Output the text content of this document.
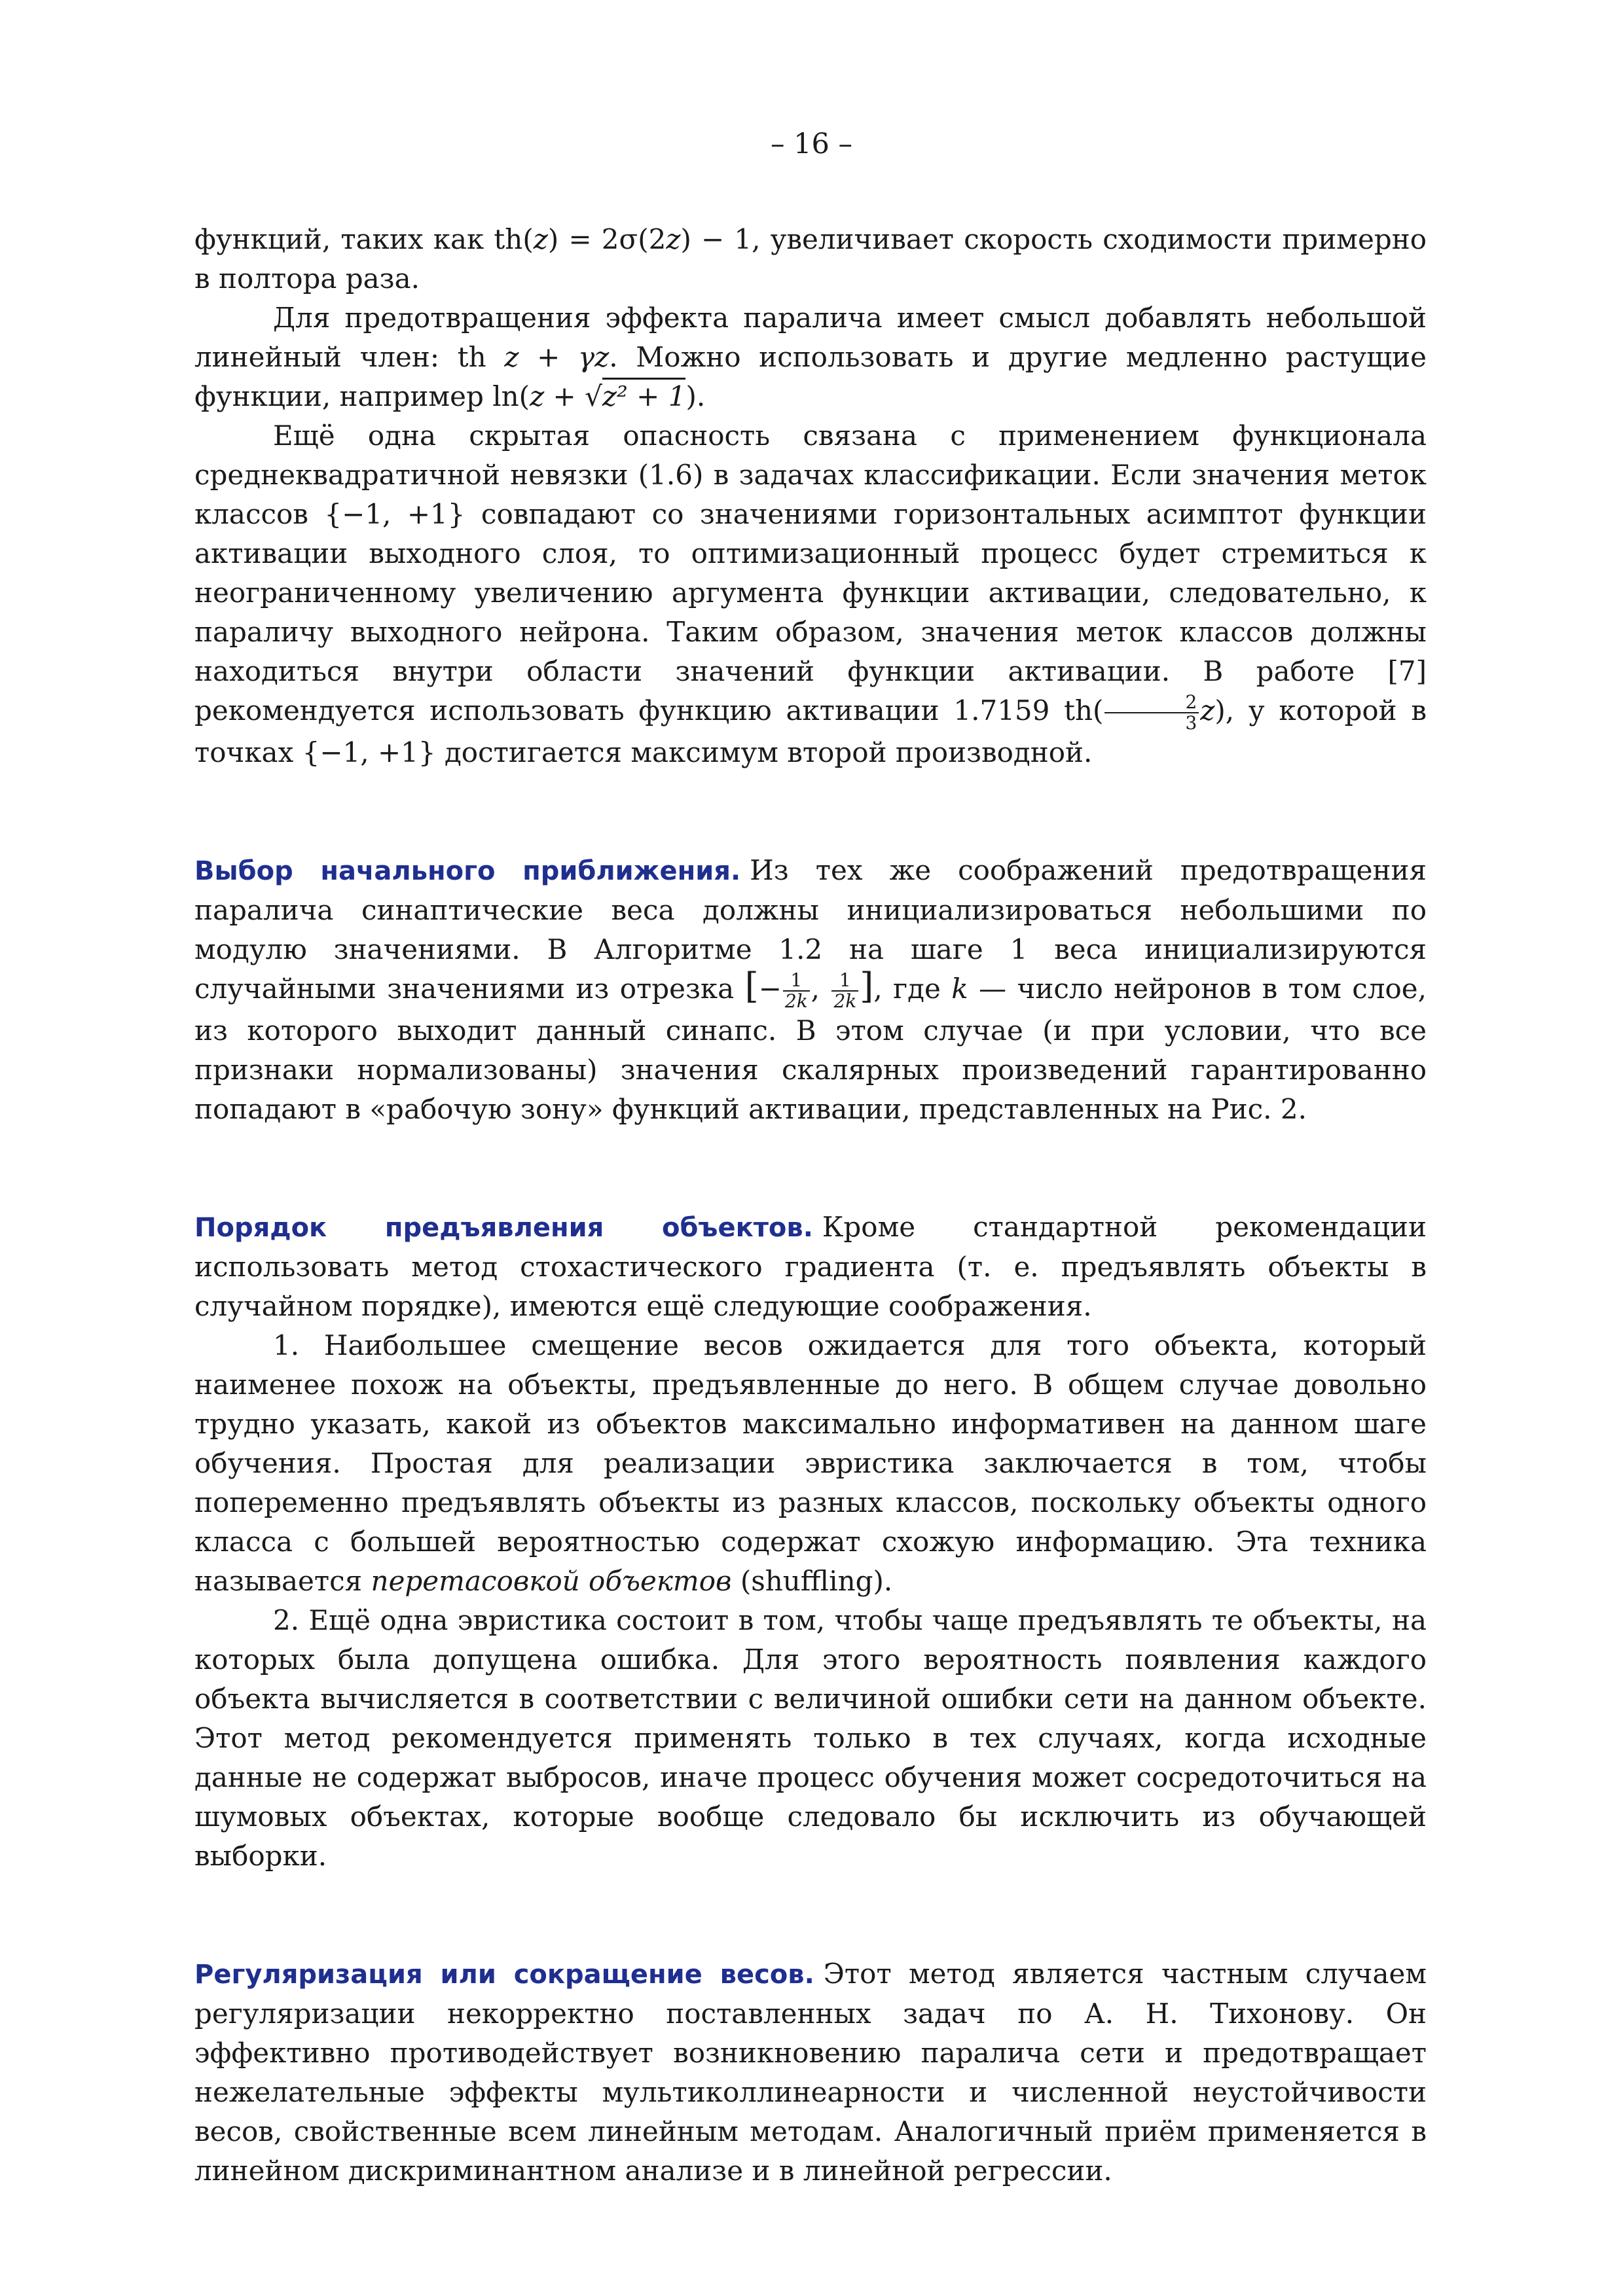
– 16 –

функций, таких как th(z) = 2σ(2z) − 1, увеличивает скорость сходимости примерно в полтора раза.

Для предотвращения эффекта паралича имеет смысл добавлять небольшой линейный член: th z + γz. Можно использовать и другие медленно растущие функции, например ln(z + √z² + 1).

Ещё одна скрытая опасность связана с применением функционала среднеквадратичной невязки (1.6) в задачах классификации. Если значения меток классов {−1, +1} совпадают со значениями горизонтальных асимптот функции активации выходного слоя, то оптимизационный процесс будет стремиться к неограниченному увеличению аргумента функции активации, следовательно, к параличу выходного нейрона. Таким образом, значения меток классов должны находиться внутри области значений функции активации. В работе [7] рекомендуется использовать функцию активации 1.7159 $th( \frac{2}{3} z)$, у которой в точках {−1, +1} достигается максимум второй производной.

Выбор начального приближения. Из тех же соображений предотвращения паралича синаптические веса должны инициализироваться небольшими по модулю значениями. В Алгоритме 1.2 на шаге 1 веса инициализируются случайными значениями из отрезка [− $\frac{1}{2k}$ , $\frac{1}{2k}$ ], где k — число нейронов в том слое, из которого выходит данный синапс. В этом случае (и при условии, что все признаки нормализованы) значения скалярных произведений гарантированно попадают в «рабочую зону» функций активации, представленных на Рис. 2.

Порядок предъявления объектов. Кроме стандартной рекомендации использовать метод стохастического градиента (т. е. предъявлять объекты в случайном порядке), имеются ещё следующие соображения.

1. Наибольшее смещение весов ожидается для того объекта, который наименее похож на объекты, предъявленные до него. В общем случае довольно трудно указать, какой из объектов максимально информативен на данном шаге обучения. Простая для реализации эвристика заключается в том, чтобы попеременно предъявлять объекты из разных классов, поскольку объекты одного класса с большей вероятностью содержат схожую информацию. Эта техника называется перетасовкой объектов (shuffling).

2. Ещё одна эвристика состоит в том, чтобы чаще предъявлять те объекты, на которых была допущена ошибка. Для этого вероятность появления каждого объекта вычисляется в соответствии с величиной ошибки сети на данном объекте. Этот метод рекомендуется применять только в тех случаях, когда исходные данные не содержат выбросов, иначе процесс обучения может сосредоточиться на шумовых объектах, которые вообще следовало бы исключить из обучающей выборки.

Регуляризация или сокращение весов. Этот метод является частным случаем регуляризации некорректно поставленных задач по А. Н. Тихонову. Он эффективно противодействует возникновению паралича сети и предотвращает нежелательные эффекты мультиколлинеарности и численной неустойчивости весов, свойственные всем линейным методам. Аналогичный приём применяется в линейном дискриминантном анализе и в линейной регрессии.
